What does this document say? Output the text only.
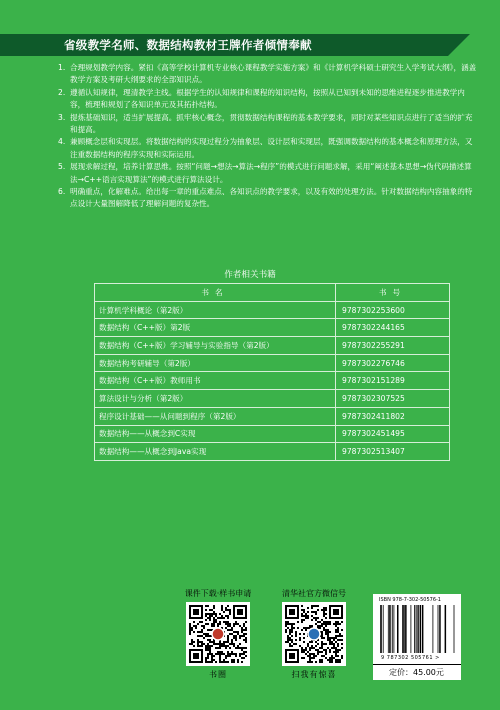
省级教学名师、数据结构教材王牌作者倾情奉献
1. 合理规划教学内容。紧扣《高等学校计算机专业核心课程教学实施方案》和《计算机学科硕士研究生入学考试大纲》，涵盖教学方案及考研大纲要求的全部知识点。
2. 遵循认知规律，理清教学主线。根据学生的认知规律和课程的知识结构，按照从已知到未知的思维进程逐步推进教学内容，梳理和规划了各知识单元及其拓扑结构。
3. 提炼基础知识，适当扩展提高。抓牢核心概念，贯彻数据结构课程的基本教学要求，同时对某些知识点进行了适当的扩充和提高。
4. 兼顾概念层和实现层。将数据结构的实现过程分为抽象层、设计层和实现层，既强调数据结构的基本概念和原理方法，又注重数据结构的程序实现和实际运用。
5. 展现求解过程，培养计算思维。按照“问题→想法→算法→程序”的模式进行问题求解，采用“阐述基本思想→伪代码描述算法→C++语言实现算法”的模式进行算法设计。
6. 明确重点，化解难点。给出每一章的重点难点、各知识点的教学要求，以及有效的处理方法。针对数据结构内容抽象的特点设计大量图解降低了理解问题的复杂性。
作者相关书籍
书名	书号
计算机学科概论（第2版）	9787302253600
数据结构（C++版）第2版	9787302244165
数据结构（C++版）学习辅导与实验指导（第2版）	9787302255291
数据结构考研辅导（第2版）	9787302276746
数据结构（C++版）教师用书	9787302151289
算法设计与分析（第2版）	9787302307525
程序设计基础——从问题到程序（第2版）	9787302411802
数据结构——从概念到C实现	9787302451495
数据结构——从概念到Java实现	9787302513407
课件下载·样书申请
书圈
清华社官方微信号
扫我有惊喜
ISBN 978-7-302-50576-1
9 787302 505761 >
定价：45.00元
